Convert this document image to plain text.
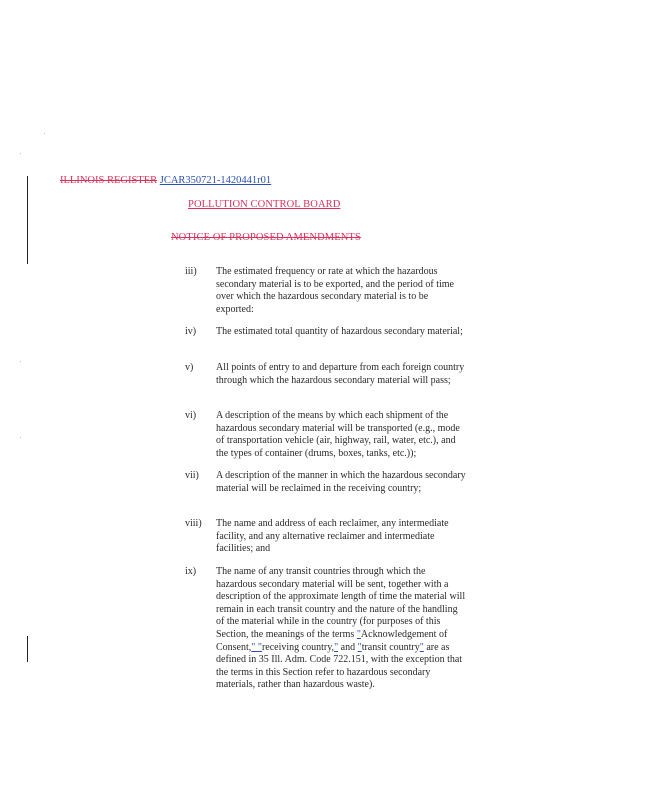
ILLINOIS REGISTER JCAR350721-1420441r01
POLLUTION CONTROL BOARD
NOTICE OF PROPOSED AMENDMENTS
iii) The estimated frequency or rate at which the hazardous secondary material is to be exported, and the period of time over which the hazardous secondary material is to be exported:
iv) The estimated total quantity of hazardous secondary material;
v) All points of entry to and departure from each foreign country through which the hazardous secondary material will pass;
vi) A description of the means by which each shipment of the hazardous secondary material will be transported (e.g., mode of transportation vehicle (air, highway, rail, water, etc.), and the types of container (drums, boxes, tanks, etc.));
vii) A description of the manner in which the hazardous secondary material will be reclaimed in the receiving country;
viii) The name and address of each reclaimer, any intermediate facility, and any alternative reclaimer and intermediate facilities; and
ix) The name of any transit countries through which the hazardous secondary material will be sent, together with a description of the approximate length of time the material will remain in each transit country and the nature of the handling of the material while in the country (for purposes of this Section, the meanings of the terms "Acknowledgement of Consent," "receiving country," and "transit country" are as defined in 35 Ill. Adm. Code 722.151, with the exception that the terms in this Section refer to hazardous secondary materials, rather than hazardous waste).
